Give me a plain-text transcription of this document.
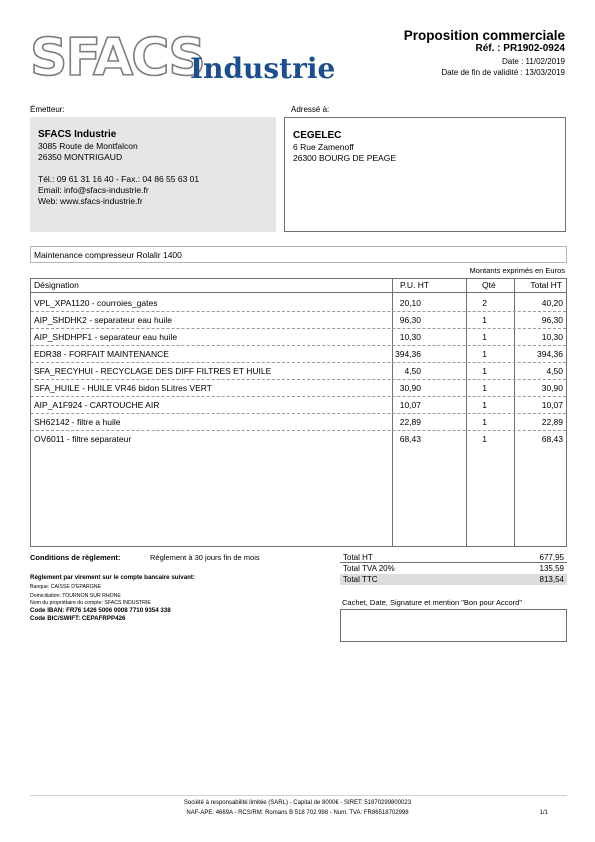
SFACS
Industrie
Proposition commerciale
Réf. : PR1902-0924
Date : 11/02/2019
Date de fin de validité : 13/03/2019
Émetteur:
SFACS Industrie
3085 Route de Montfalcon
26350 MONTRIGAUD
Tél.: 09 61 31 16 40 - Fax.: 04 86 55 63 01
Email: info@sfacs-industrie.fr
Web: www.sfacs-industrie.fr
Adressé à:
CEGELEC
6 Rue Zamenoff
26300 BOURG DE PEAGE
Maintenance compresseur Rolalir 1400
Montants exprimés en Euros
Désignation	P.U. HT	Qté	Total HT
VPL_XPA1120 - courroies_gates	20,10	2	40,20
AIP_SHDHK2 - separateur eau huile	96,30	1	96,30
AIP_SHDHPF1 - separateur eau huile	10,30	1	10,30
EDR38 - FORFAIT MAINTENANCE	394,36	1	394,36
SFA_RECYHUI - RECYCLAGE DES DIFF FILTRES ET HUILE	4,50	1	4,50
SFA_HUILE - HUILE VR46 bidon 5Litres VERT	30,90	1	30,90
AIP_A1F924 - CARTOUCHE AIR	10,07	1	10,07
SH62142 - filtre a huile	22,89	1	22,89
OV6011 - filtre separateur	68,43	1	68,43
Conditions de règlement:	Règlement à 30 jours fin de mois
Règlement par virement sur le compte bancaire suivant:
Banque: CAISSE D'EPARGNE
Domiciliation: TOURNON SUR RHONE
Nom du propriétaire du compte: SFACS INDUSTRIE
Code IBAN: FR76 1426 5006 0008 7710 9354 338
Code BIC/SWIFT: CEPAFRPP426
Total HT	677,95
Total TVA 20%	135,59
Total TTC	813,54
Cachet, Date, Signature et mention "Bon pour Accord"
Société à responsabilité limitée (SARL) - Capital de 8000€ - SIRET: 51870299800023
NAF-APE: 4669A - RCS/RM: Romans B 518 702 998 - Num. TVA: FR86518702998	1/1
